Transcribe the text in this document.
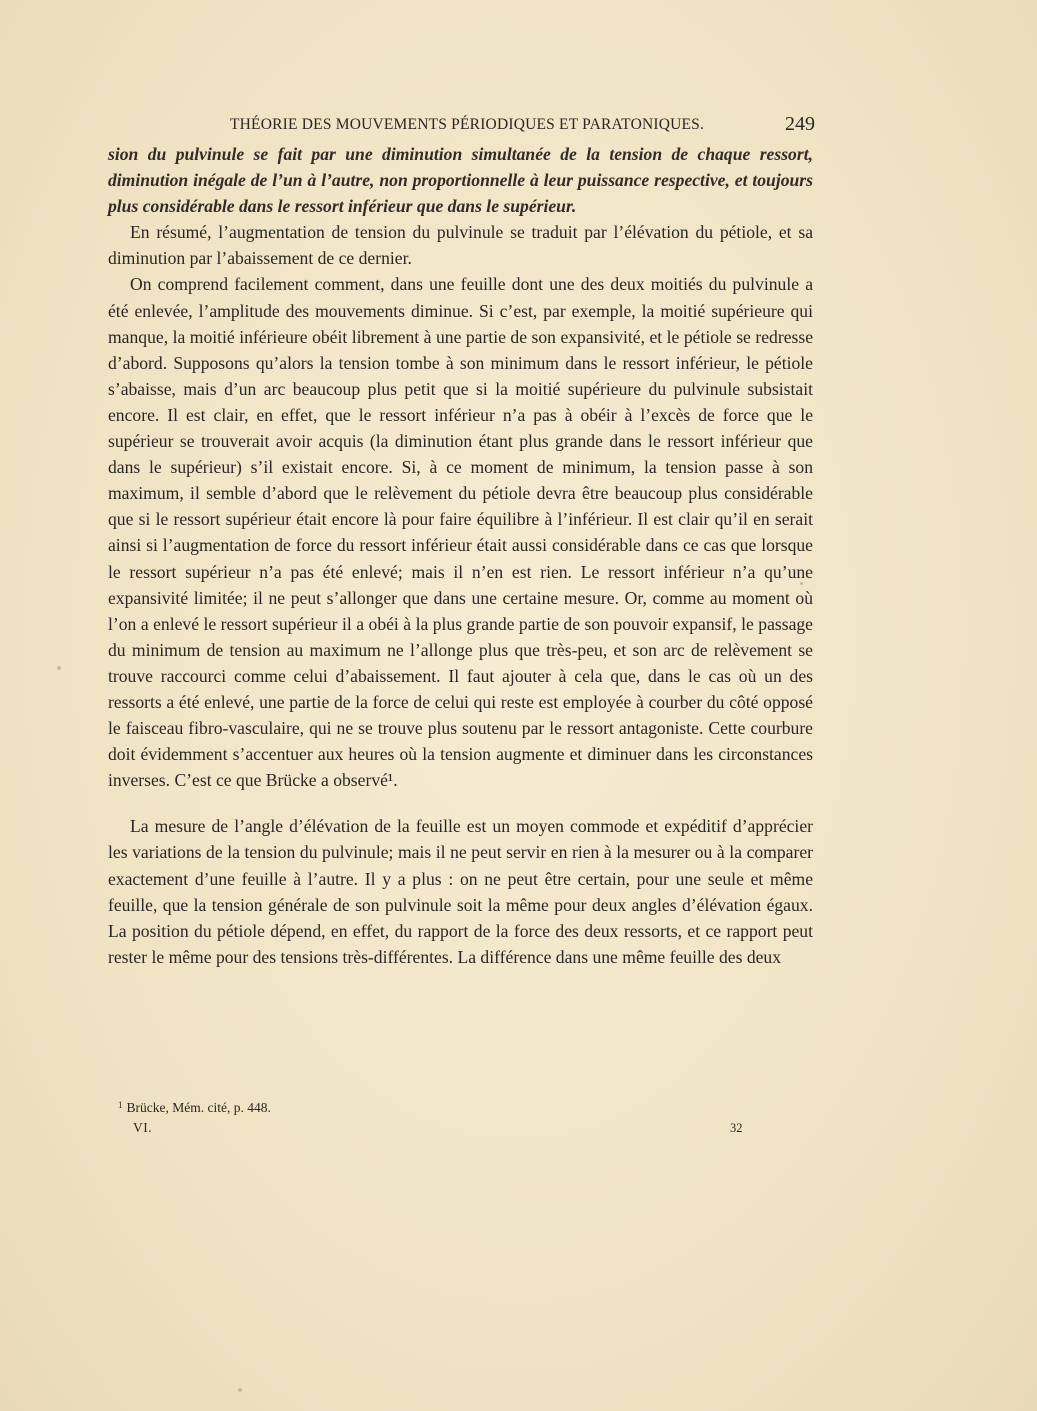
THÉORIE DES MOUVEMENTS PÉRIODIQUES ET PARATONIQUES.	249

sion du pulvinule se fait par une diminution simultanée de la tension de chaque ressort, diminution inégale de l’un à l’autre, non proportionnelle à leur puissance respective, et toujours plus considérable dans le ressort inférieur que dans le supérieur.

En résumé, l’augmentation de tension du pulvinule se traduit par l’élévation du pétiole, et sa diminution par l’abaissement de ce dernier.

On comprend facilement comment, dans une feuille dont une des deux moitiés du pulvinule a été enlevée, l’amplitude des mouvements diminue. Si c’est, par exemple, la moitié supérieure qui manque, la moitié inférieure obéit librement à une partie de son expansivité, et le pétiole se redresse d’abord. Supposons qu’alors la tension tombe à son minimum dans le ressort inférieur, le pétiole s’abaisse, mais d’un arc beaucoup plus petit que si la moitié supérieure du pulvinule subsistait encore. Il est clair, en effet, que le ressort inférieur n’a pas à obéir à l’excès de force que le supérieur se trouverait avoir acquis (la diminution étant plus grande dans le ressort inférieur que dans le supérieur) s’il existait encore. Si, à ce moment de minimum, la tension passe à son maximum, il semble d’abord que le relèvement du pétiole devra être beaucoup plus considérable que si le ressort supérieur était encore là pour faire équilibre à l’inférieur. Il est clair qu’il en serait ainsi si l’augmentation de force du ressort inférieur était aussi considérable dans ce cas que lorsque le ressort supérieur n’a pas été enlevé; mais il n’en est rien. Le ressort inférieur n’a qu’une expansivité limitée; il ne peut s’allonger que dans une certaine mesure. Or, comme au moment où l’on a enlevé le ressort supérieur il a obéi à la plus grande partie de son pouvoir expansif, le passage du minimum de tension au maximum ne l’allonge plus que très-peu, et son arc de relèvement se trouve raccourci comme celui d’abaissement. Il faut ajouter à cela que, dans le cas où un des ressorts a été enlevé, une partie de la force de celui qui reste est employée à courber du côté opposé le faisceau fibro-vasculaire, qui ne se trouve plus soutenu par le ressort antagoniste. Cette courbure doit évidemment s’accentuer aux heures où la tension augmente et diminuer dans les circonstances inverses. C’est ce que Brücke a observé¹.

La mesure de l’angle d’élévation de la feuille est un moyen commode et expéditif d’apprécier les variations de la tension du pulvinule; mais il ne peut servir en rien à la mesurer ou à la comparer exactement d’une feuille à l’autre. Il y a plus : on ne peut être certain, pour une seule et même feuille, que la tension générale de son pulvinule soit la même pour deux angles d’élévation égaux. La position du pétiole dépend, en effet, du rapport de la force des deux ressorts, et ce rapport peut rester le même pour des tensions très-différentes. La différence dans une même feuille des deux

$^1$ Brücke, Mém. cité, p. 448.
VI.	32
